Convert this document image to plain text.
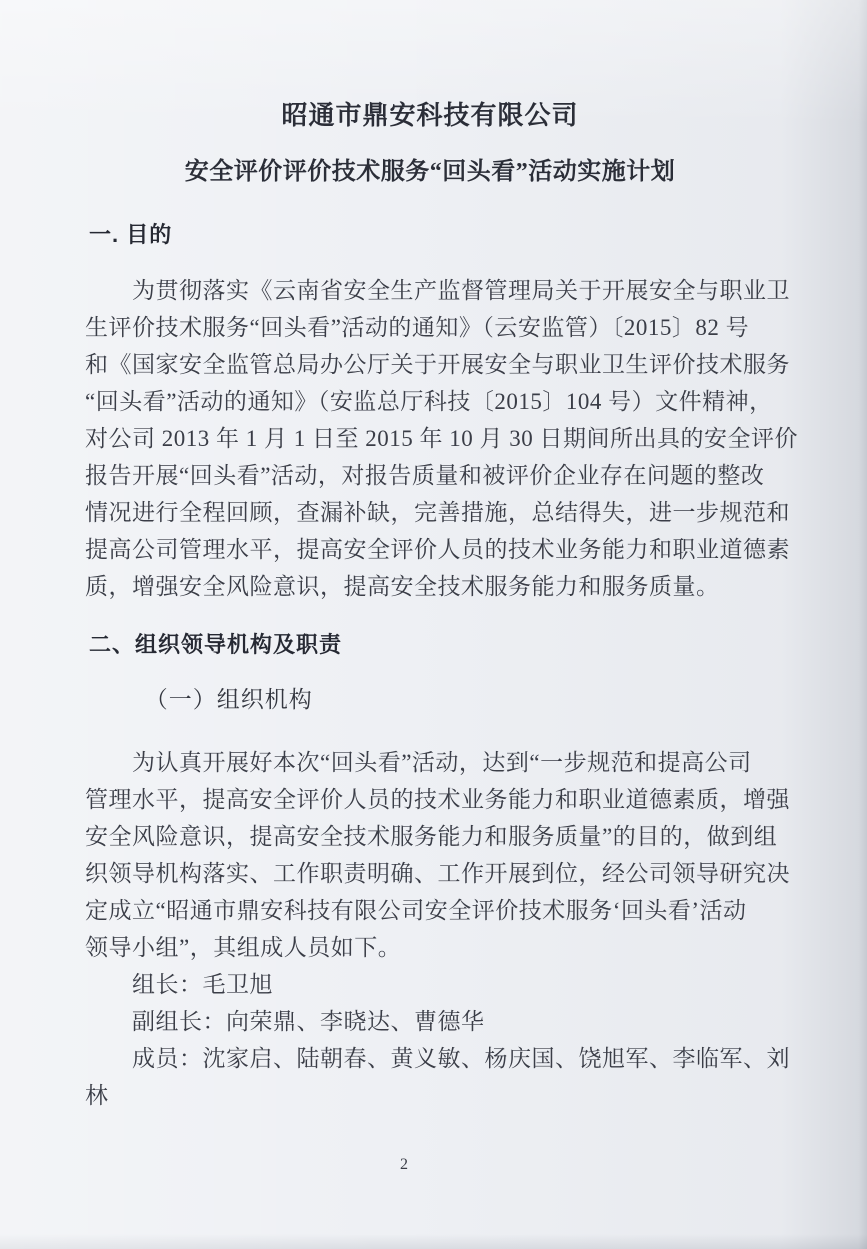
昭通市鼎安科技有限公司
安全评价评价技术服务“回头看”活动实施计划
一. 目的
　　为贯彻落实《云南省安全生产监督管理局关于开展安全与职业卫
生评价技术服务“回头看”活动的通知》（云安监管）〔2015〕82 号
和《国家安全监管总局办公厅关于开展安全与职业卫生评价技术服务
“回头看”活动的通知》（安监总厅科技〔2015〕104 号）文件精神，
对公司 2013 年 1 月 1 日至 2015 年 10 月 30 日期间所出具的安全评价
报告开展“回头看”活动，对报告质量和被评价企业存在问题的整改
情况进行全程回顾，查漏补缺，完善措施，总结得失，进一步规范和
提高公司管理水平，提高安全评价人员的技术业务能力和职业道德素
质，增强安全风险意识，提高安全技术服务能力和服务质量。
二、组织领导机构及职责
（一）组织机构
　　为认真开展好本次“回头看”活动，达到“一步规范和提高公司
管理水平，提高安全评价人员的技术业务能力和职业道德素质，增强
安全风险意识，提高安全技术服务能力和服务质量”的目的，做到组
织领导机构落实、工作职责明确、工作开展到位，经公司领导研究决
定成立“昭通市鼎安科技有限公司安全评价技术服务‘回头看’活动
领导小组”，其组成人员如下。
　　组长：毛卫旭
　　副组长：向荣鼎、李晓达、曹德华
　　成员：沈家启、陆朝春、黄义敏、杨庆国、饶旭军、李临军、刘
林
2
